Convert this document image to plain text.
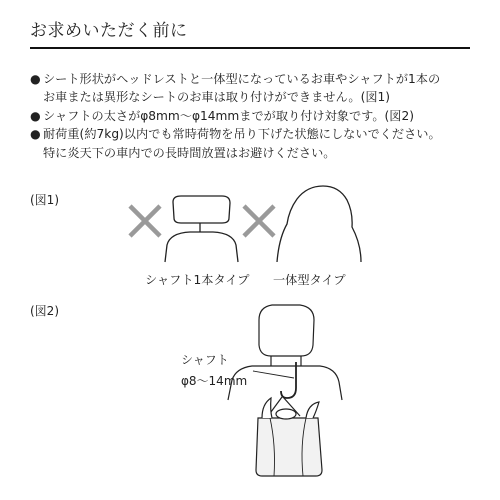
お求めいただく前に
● シート形状がヘッドレストと一体型になっているお車やシャフトが1本の
お車または異形なシートのお車は取り付けができません。(図1)
● シャフトの太さがφ8mm〜φ14mmまでが取り付け対象です。(図2)
● 耐荷重(約7kg)以内でも常時荷物を吊り下げた状態にしないでください。
特に炎天下の車内での長時間放置はお避けください。
(図1)
シャフト1本タイプ 一体型タイプ
(図2)
シャフト
φ8〜14mm
